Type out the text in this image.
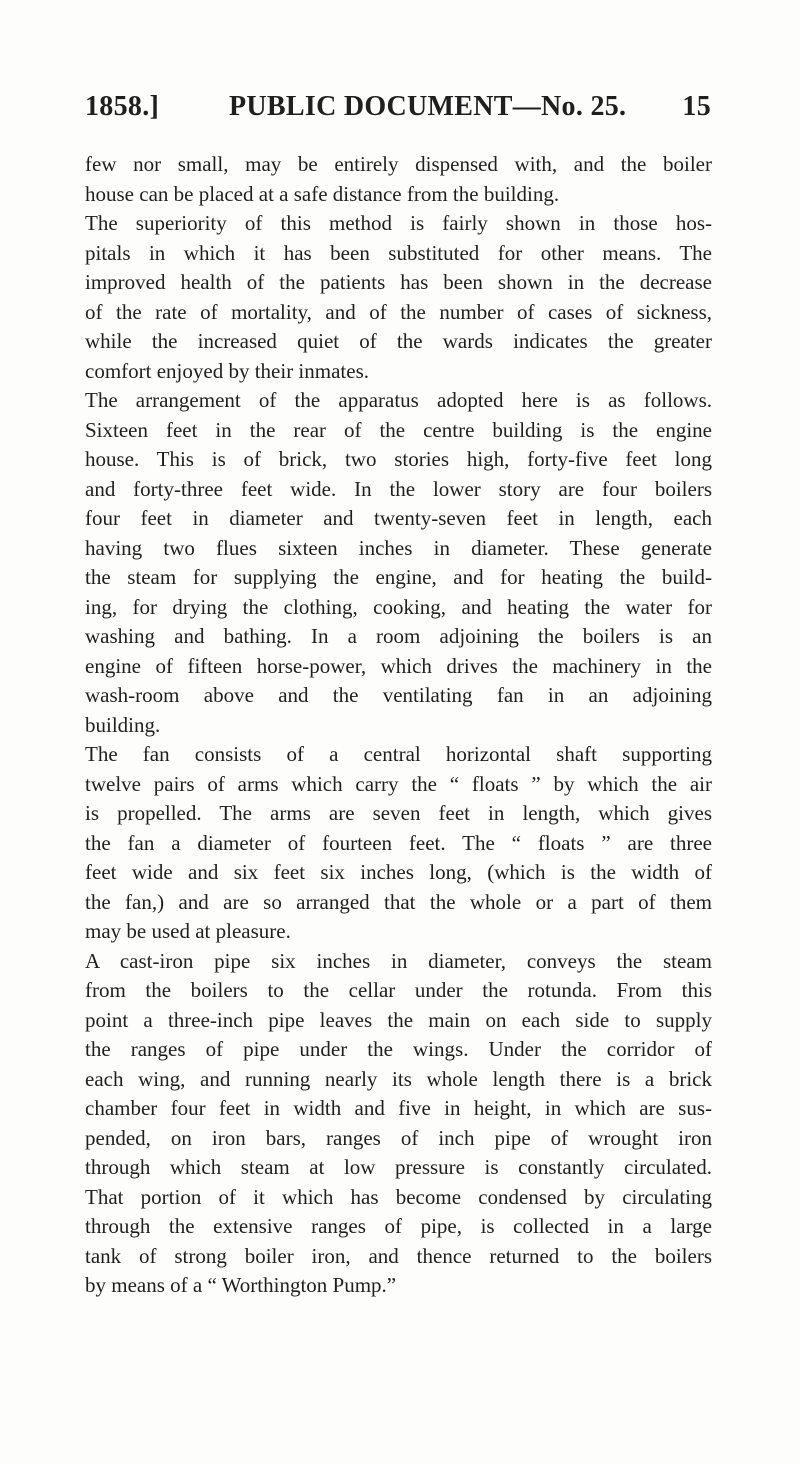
1858.] PUBLIC DOCUMENT—No. 25. 15
few nor small, may be entirely dispensed with, and the boiler
house can be placed at a safe distance from the building.
The superiority of this method is fairly shown in those hos-
pitals in which it has been substituted for other means. The
improved health of the patients has been shown in the decrease
of the rate of mortality, and of the number of cases of sickness,
while the increased quiet of the wards indicates the greater
comfort enjoyed by their inmates.
The arrangement of the apparatus adopted here is as follows.
Sixteen feet in the rear of the centre building is the engine
house. This is of brick, two stories high, forty-five feet long
and forty-three feet wide. In the lower story are four boilers
four feet in diameter and twenty-seven feet in length, each
having two flues sixteen inches in diameter. These generate
the steam for supplying the engine, and for heating the build-
ing, for drying the clothing, cooking, and heating the water for
washing and bathing. In a room adjoining the boilers is an
engine of fifteen horse-power, which drives the machinery in the
wash-room above and the ventilating fan in an adjoining
building.
The fan consists of a central horizontal shaft supporting
twelve pairs of arms which carry the “ floats ” by which the air
is propelled. The arms are seven feet in length, which gives
the fan a diameter of fourteen feet. The “ floats ” are three
feet wide and six feet six inches long, (which is the width of
the fan,) and are so arranged that the whole or a part of them
may be used at pleasure.
A cast-iron pipe six inches in diameter, conveys the steam
from the boilers to the cellar under the rotunda. From this
point a three-inch pipe leaves the main on each side to supply
the ranges of pipe under the wings. Under the corridor of
each wing, and running nearly its whole length there is a brick
chamber four feet in width and five in height, in which are sus-
pended, on iron bars, ranges of inch pipe of wrought iron
through which steam at low pressure is constantly circulated.
That portion of it which has become condensed by circulating
through the extensive ranges of pipe, is collected in a large
tank of strong boiler iron, and thence returned to the boilers
by means of a “ Worthington Pump.”
